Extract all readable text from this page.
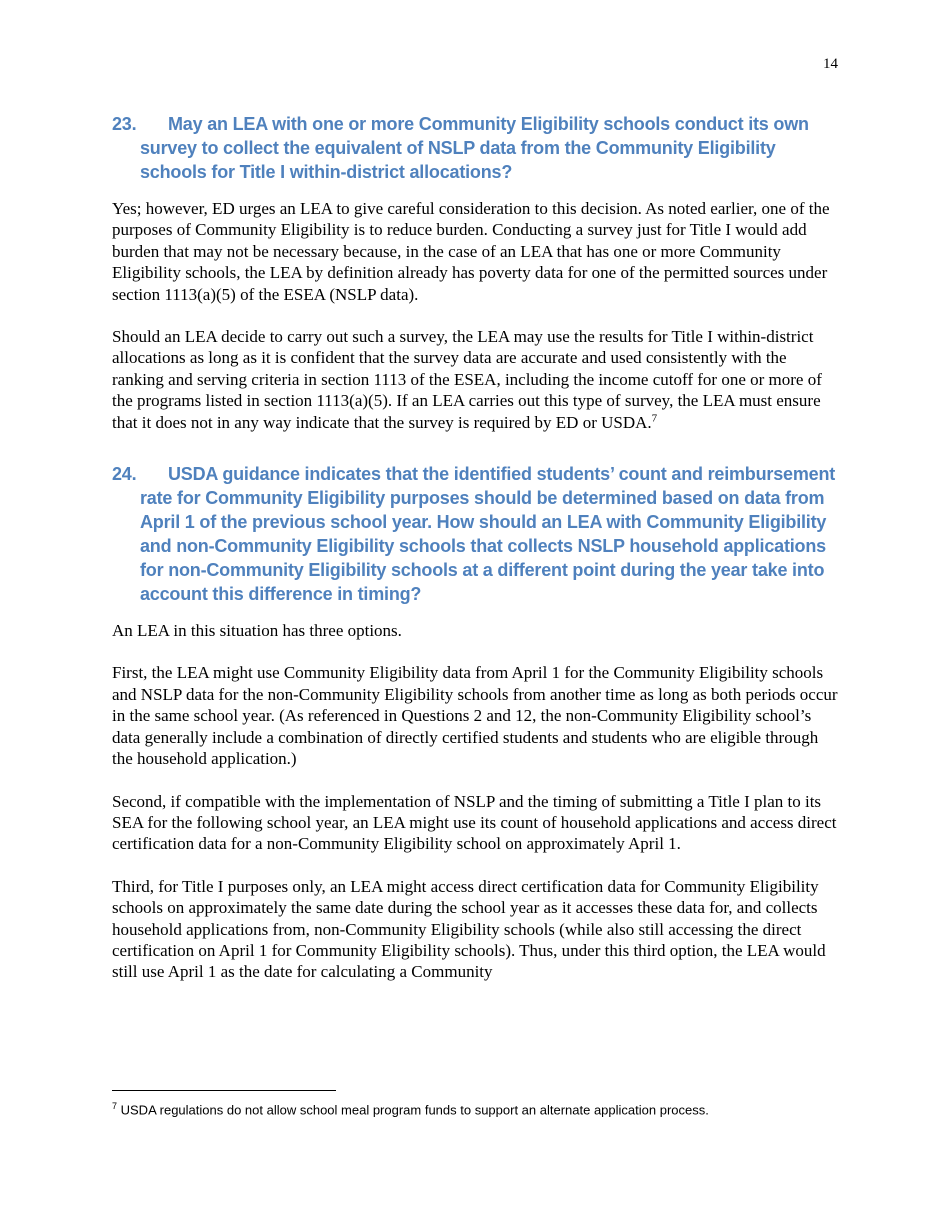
14
23.	May an LEA with one or more Community Eligibility schools conduct its own survey to collect the equivalent of NSLP data from the Community Eligibility schools for Title I within-district allocations?

Yes; however, ED urges an LEA to give careful consideration to this decision. As noted earlier, one of the purposes of Community Eligibility is to reduce burden. Conducting a survey just for Title I would add burden that may not be necessary because, in the case of an LEA that has one or more Community Eligibility schools, the LEA by definition already has poverty data for one of the permitted sources under section 1113(a)(5) of the ESEA (NSLP data).

Should an LEA decide to carry out such a survey, the LEA may use the results for Title I within-district allocations as long as it is confident that the survey data are accurate and used consistently with the ranking and serving criteria in section 1113 of the ESEA, including the income cutoff for one or more of the programs listed in section 1113(a)(5). If an LEA carries out this type of survey, the LEA must ensure that it does not in any way indicate that the survey is required by ED or USDA.$^7$

24.	USDA guidance indicates that the identified students’ count and reimbursement rate for Community Eligibility purposes should be determined based on data from April 1 of the previous school year. How should an LEA with Community Eligibility and non-Community Eligibility schools that collects NSLP household applications for non-Community Eligibility schools at a different point during the year take into account this difference in timing?

An LEA in this situation has three options.

First, the LEA might use Community Eligibility data from April 1 for the Community Eligibility schools and NSLP data for the non-Community Eligibility schools from another time as long as both periods occur in the same school year. (As referenced in Questions 2 and 12, the non-Community Eligibility school’s data generally include a combination of directly certified students and students who are eligible through the household application.)

Second, if compatible with the implementation of NSLP and the timing of submitting a Title I plan to its SEA for the following school year, an LEA might use its count of household applications and access direct certification data for a non-Community Eligibility school on approximately April 1.

Third, for Title I purposes only, an LEA might access direct certification data for Community Eligibility schools on approximately the same date during the school year as it accesses these data for, and collects household applications from, non-Community Eligibility schools (while also still accessing the direct certification on April 1 for Community Eligibility schools). Thus, under this third option, the LEA would still use April 1 as the date for calculating a Community

$^7$ USDA regulations do not allow school meal program funds to support an alternate application process.
